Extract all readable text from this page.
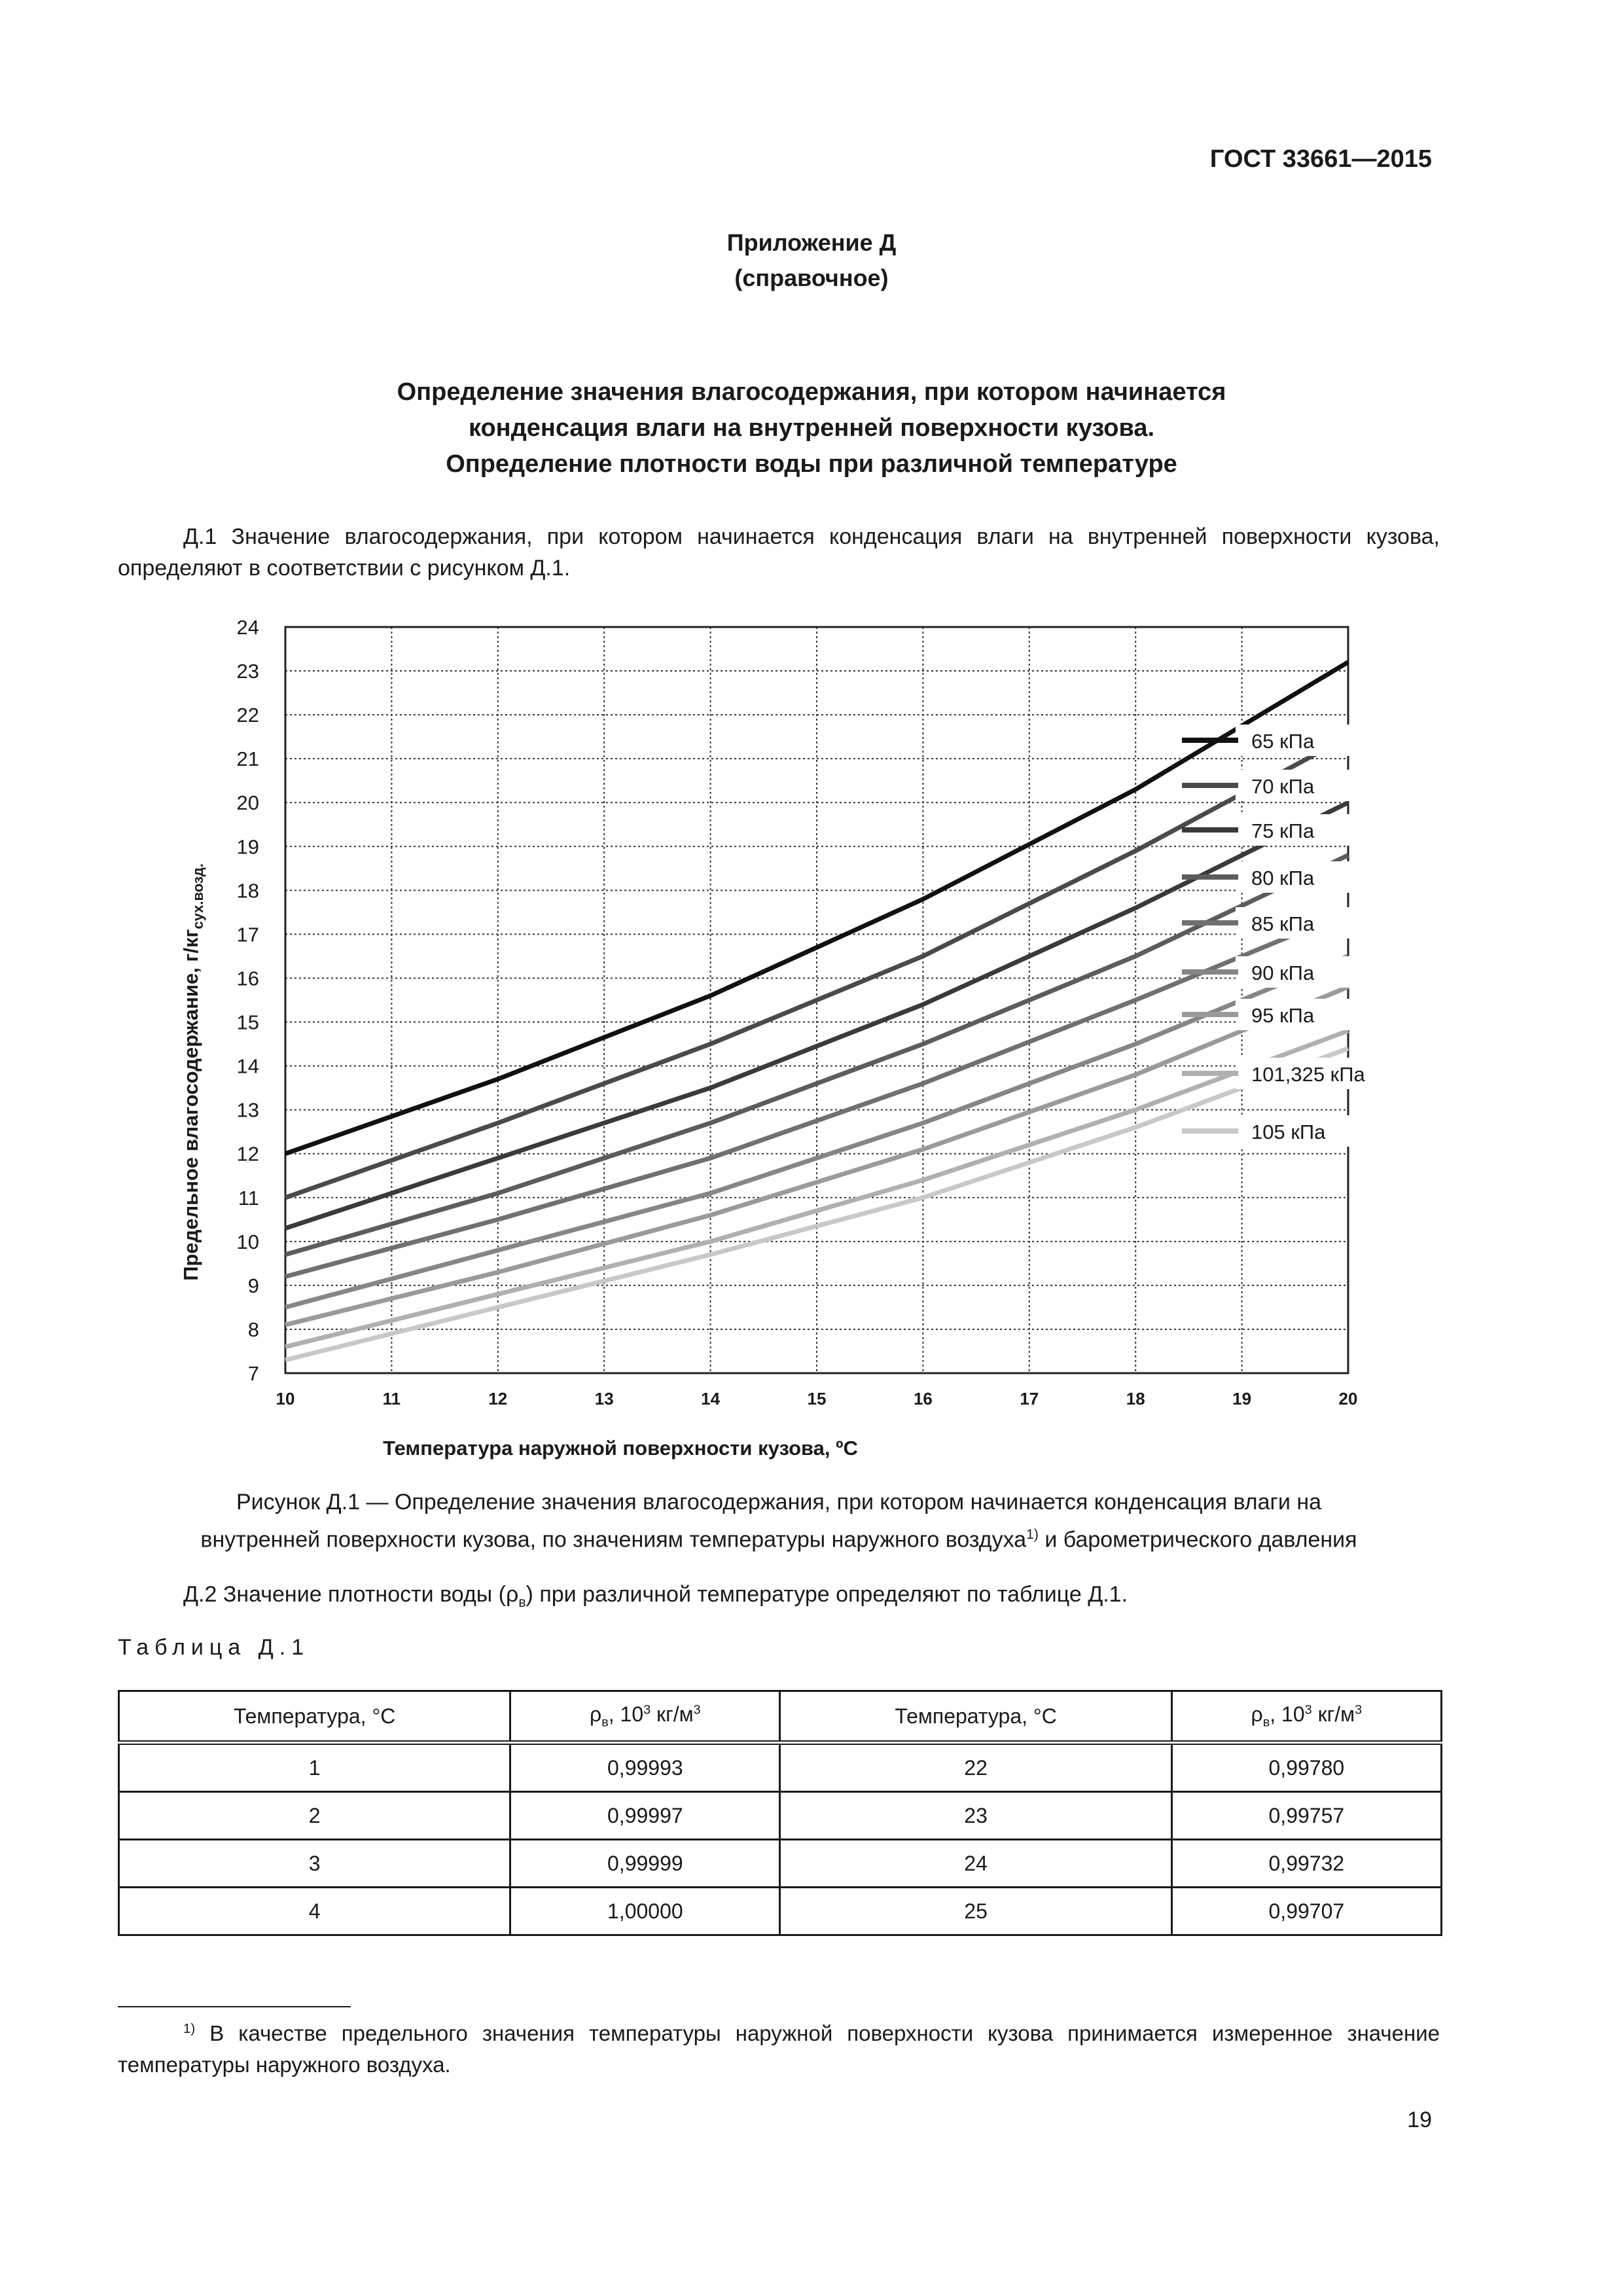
ГОСТ 33661—2015
Приложение Д
(справочное)
Определение значения влагосодержания, при котором начинается
конденсация влаги на внутренней поверхности кузова.
Определение плотности воды при различной температуре
Д.1 Значение влагосодержания, при котором начинается конденсация влаги на внутренней поверхности кузова, определяют в соответствии с рисунком Д.1.
10	11	12	13	14	15	16	17	18	19	20
7
8
9
10
11
12
13
14
15
16
17
18
19
20
21
22
23
24
65 кПа
70 кПа
75 кПа
80 кПа
85 кПа
90 кПа
95 кПа
101,325 кПа
105 кПа
Температура наружной поверхности кузова, ºС
Предельное влагосодержание, $г/кг_{сух.возд.}$
Рисунок Д.1 — Определение значения влагосодержания, при котором начинается конденсация влаги на
внутренней поверхности кузова, по значениям температуры наружного воздуха$^{1)}$ и барометрического давления
Д.2 Значение плотности воды $(\rho_в)$ при различной температуре определяют по таблице Д.1.
Таблица Д.1
Температура, °С	$\rho_в$, $10^3$ $кг/м^3$	Температура, °С	$\rho_в$, $10^3$ $кг/м^3$
1	0,99993	22	0,99780
2	0,99997	23	0,99757
3	0,99999	24	0,99732
4	1,00000	25	0,99707
$^{1)}$ В качестве предельного значения температуры наружной поверхности кузова принимается измеренное значение температуры наружного воздуха.
19
